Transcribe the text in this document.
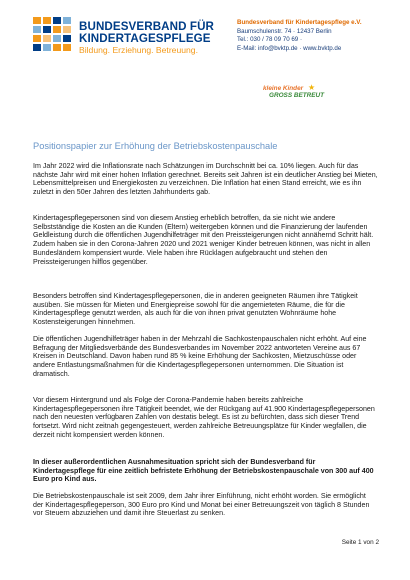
BUNDESVERBAND FÜR
KINDERTAGESPFLEGE
Bildung. Erziehung. Betreuung.
Bundesverband für Kindertagespflege e.V.
Baumschulenstr. 74 · 12437 Berlin
Tel.: 030 / 78 09 70 69 ·
E-Mail: info@bvktp.de · www.bvktp.de
kleine Kinder
GROSS BETREUT
★
Positionspapier zur Erhöhung der Betriebskostenpauschale
Im Jahr 2022 wird die Inflationsrate nach Schätzungen im Durchschnitt bei ca. 10% liegen. Auch für das nächste Jahr wird mit einer hohen Inflation gerechnet. Bereits seit Jahren ist ein deutlicher Anstieg bei Mieten, Lebensmittelpreisen und Energiekosten zu verzeichnen. Die Inflation hat einen Stand erreicht, wie es ihn zuletzt in den 50er Jahren des letzten Jahrhunderts gab.
Kindertagespflegepersonen sind von diesem Anstieg erheblich betroffen, da sie nicht wie andere Selbstständige die Kosten an die Kunden (Eltern) weitergeben können und die Finanzierung der laufenden Geldleistung durch die öffentlichen Jugendhilfeträger mit den Preissteigerungen nicht annähernd Schritt hält. Zudem haben sie in den Corona-Jahren 2020 und 2021 weniger Kinder betreuen können, was nicht in allen Bundesländern kompensiert wurde. Viele haben ihre Rücklagen aufgebraucht und stehen den Preissteigerungen hilflos gegenüber.
Besonders betroffen sind Kindertagespflegepersonen, die in anderen geeigneten Räumen ihre Tätigkeit ausüben. Sie müssen für Mieten und Energiepreise sowohl für die angemieteten Räume, die für die Kindertagespflege genutzt werden, als auch für die von ihnen privat genutzten Wohnräume hohe Kostensteigerungen hinnehmen.
Die öffentlichen Jugendhilfeträger haben in der Mehrzahl die Sachkostenpauschalen nicht erhöht. Auf eine Befragung der Mitgliedsverbände des Bundesverbandes im November 2022 antworteten Vereine aus 67 Kreisen in Deutschland. Davon haben rund 85 % keine Erhöhung der Sachkosten, Mietzuschüsse oder andere Entlastungsmaßnahmen für die Kindertagespflegepersonen unternommen. Die Situation ist dramatisch.
Vor diesem Hintergrund und als Folge der Corona-Pandemie haben bereits zahlreiche Kindertagespflegepersonen ihre Tätigkeit beendet, wie der Rückgang auf 41.900 Kindertagespflegepersonen nach den neuesten verfügbaren Zahlen von destatis belegt. Es ist zu befürchten, dass sich dieser Trend fortsetzt. Wird nicht zeitnah gegengesteuert, werden zahlreiche Betreuungsplätze für Kinder wegfallen, die derzeit nicht kompensiert werden können.
In dieser außerordentlichen Ausnahmesituation spricht sich der Bundesverband für Kindertagespflege für eine zeitlich befristete Erhöhung der Betriebskostenpauschale von 300 auf 400 Euro pro Kind aus.
Die Betriebskostenpauschale ist seit 2009, dem Jahr ihrer Einführung, nicht erhöht worden. Sie ermöglicht der Kindertagespflegeperson, 300 Euro pro Kind und Monat bei einer Betreuungszeit von täglich 8 Stunden vor Steuern abzuziehen und damit ihre Steuerlast zu senken.
Seite 1 von 2
